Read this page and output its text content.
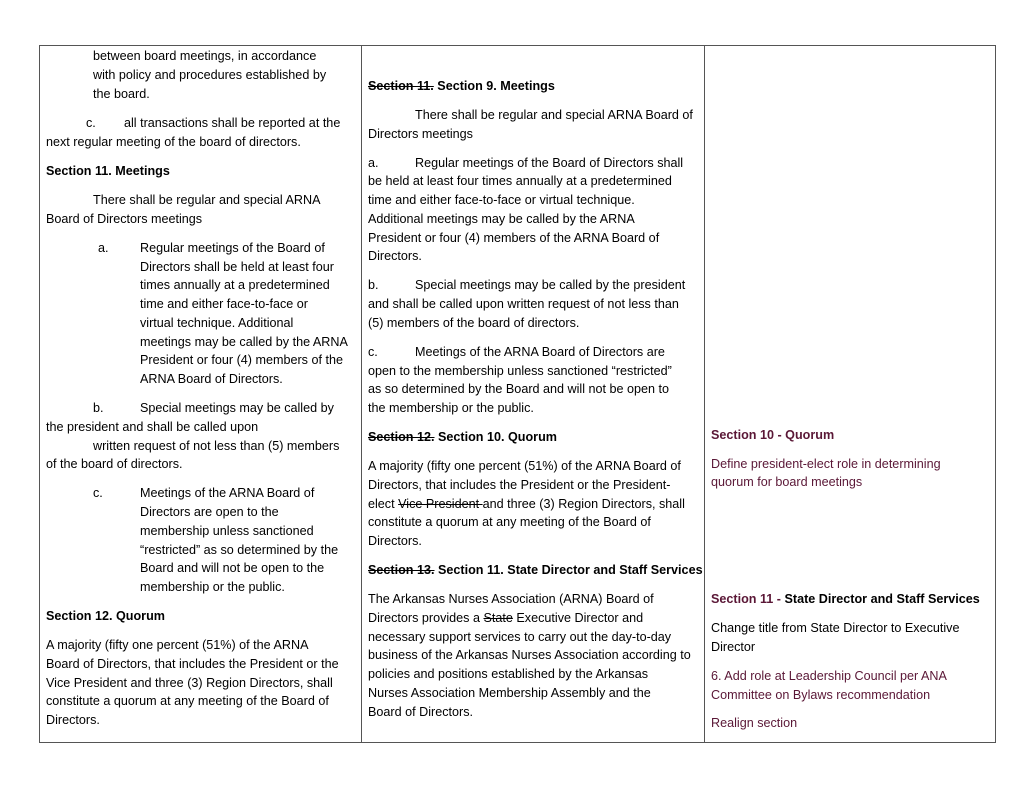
between board meetings, in accordance
with policy and procedures established by
the board.
c. all transactions shall be reported at the
next regular meeting of the board of directors.
Section 11. Meetings
There shall be regular and special ARNA
Board of Directors meetings
a. Regular meetings of the Board of
Directors shall be held at least four
times annually at a predetermined
time and either face-to-face or
virtual technique. Additional
meetings may be called by the ARNA
President or four (4) members of the
ARNA Board of Directors.
b.	Special meetings may be called by
the president and shall be called upon
written request of not less than (5) members
of the board of directors.
c.	Meetings of the ARNA Board of
Directors are open to the
membership unless sanctioned
“restricted” as so determined by the
Board and will not be open to the
membership or the public.
Section 12. Quorum
A majority (fifty one percent (51%) of the ARNA
Board of Directors, that includes the President or the
Vice President and three (3) Region Directors, shall
constitute a quorum at any meeting of the Board of
Directors.
Section 11. Section 9. Meetings
There shall be regular and special ARNA Board of
Directors meetings
a.	Regular meetings of the Board of Directors shall
be held at least four times annually at a predetermined
time and either face-to-face or virtual technique.
Additional meetings may be called by the ARNA
President or four (4) members of the ARNA Board of
Directors.
b.	Special meetings may be called by the president
and shall be called upon written request of not less than
(5) members of the board of directors.
c.	Meetings of the ARNA Board of Directors are
open to the membership unless sanctioned “restricted”
as so determined by the Board and will not be open to
the membership or the public.
Section 12. Section 10. Quorum
A majority (fifty one percent (51%) of the ARNA Board of
Directors, that includes the President or the President-
elect Vice President and three (3) Region Directors, shall
constitute a quorum at any meeting of the Board of
Directors.
Section 13. Section 11. State Director and Staff Services
The Arkansas Nurses Association (ARNA) Board of
Directors provides a State Executive Director and
necessary support services to carry out the day-to-day
business of the Arkansas Nurses Association according to
policies and positions established by the Arkansas
Nurses Association Membership Assembly and the
Board of Directors.
Section 10 - Quorum
Define president-elect role in determining
quorum for board meetings
Section 11 - State Director and Staff Services
Change title from State Director to Executive
Director
6. Add role at Leadership Council per ANA
Committee on Bylaws recommendation
Realign section
